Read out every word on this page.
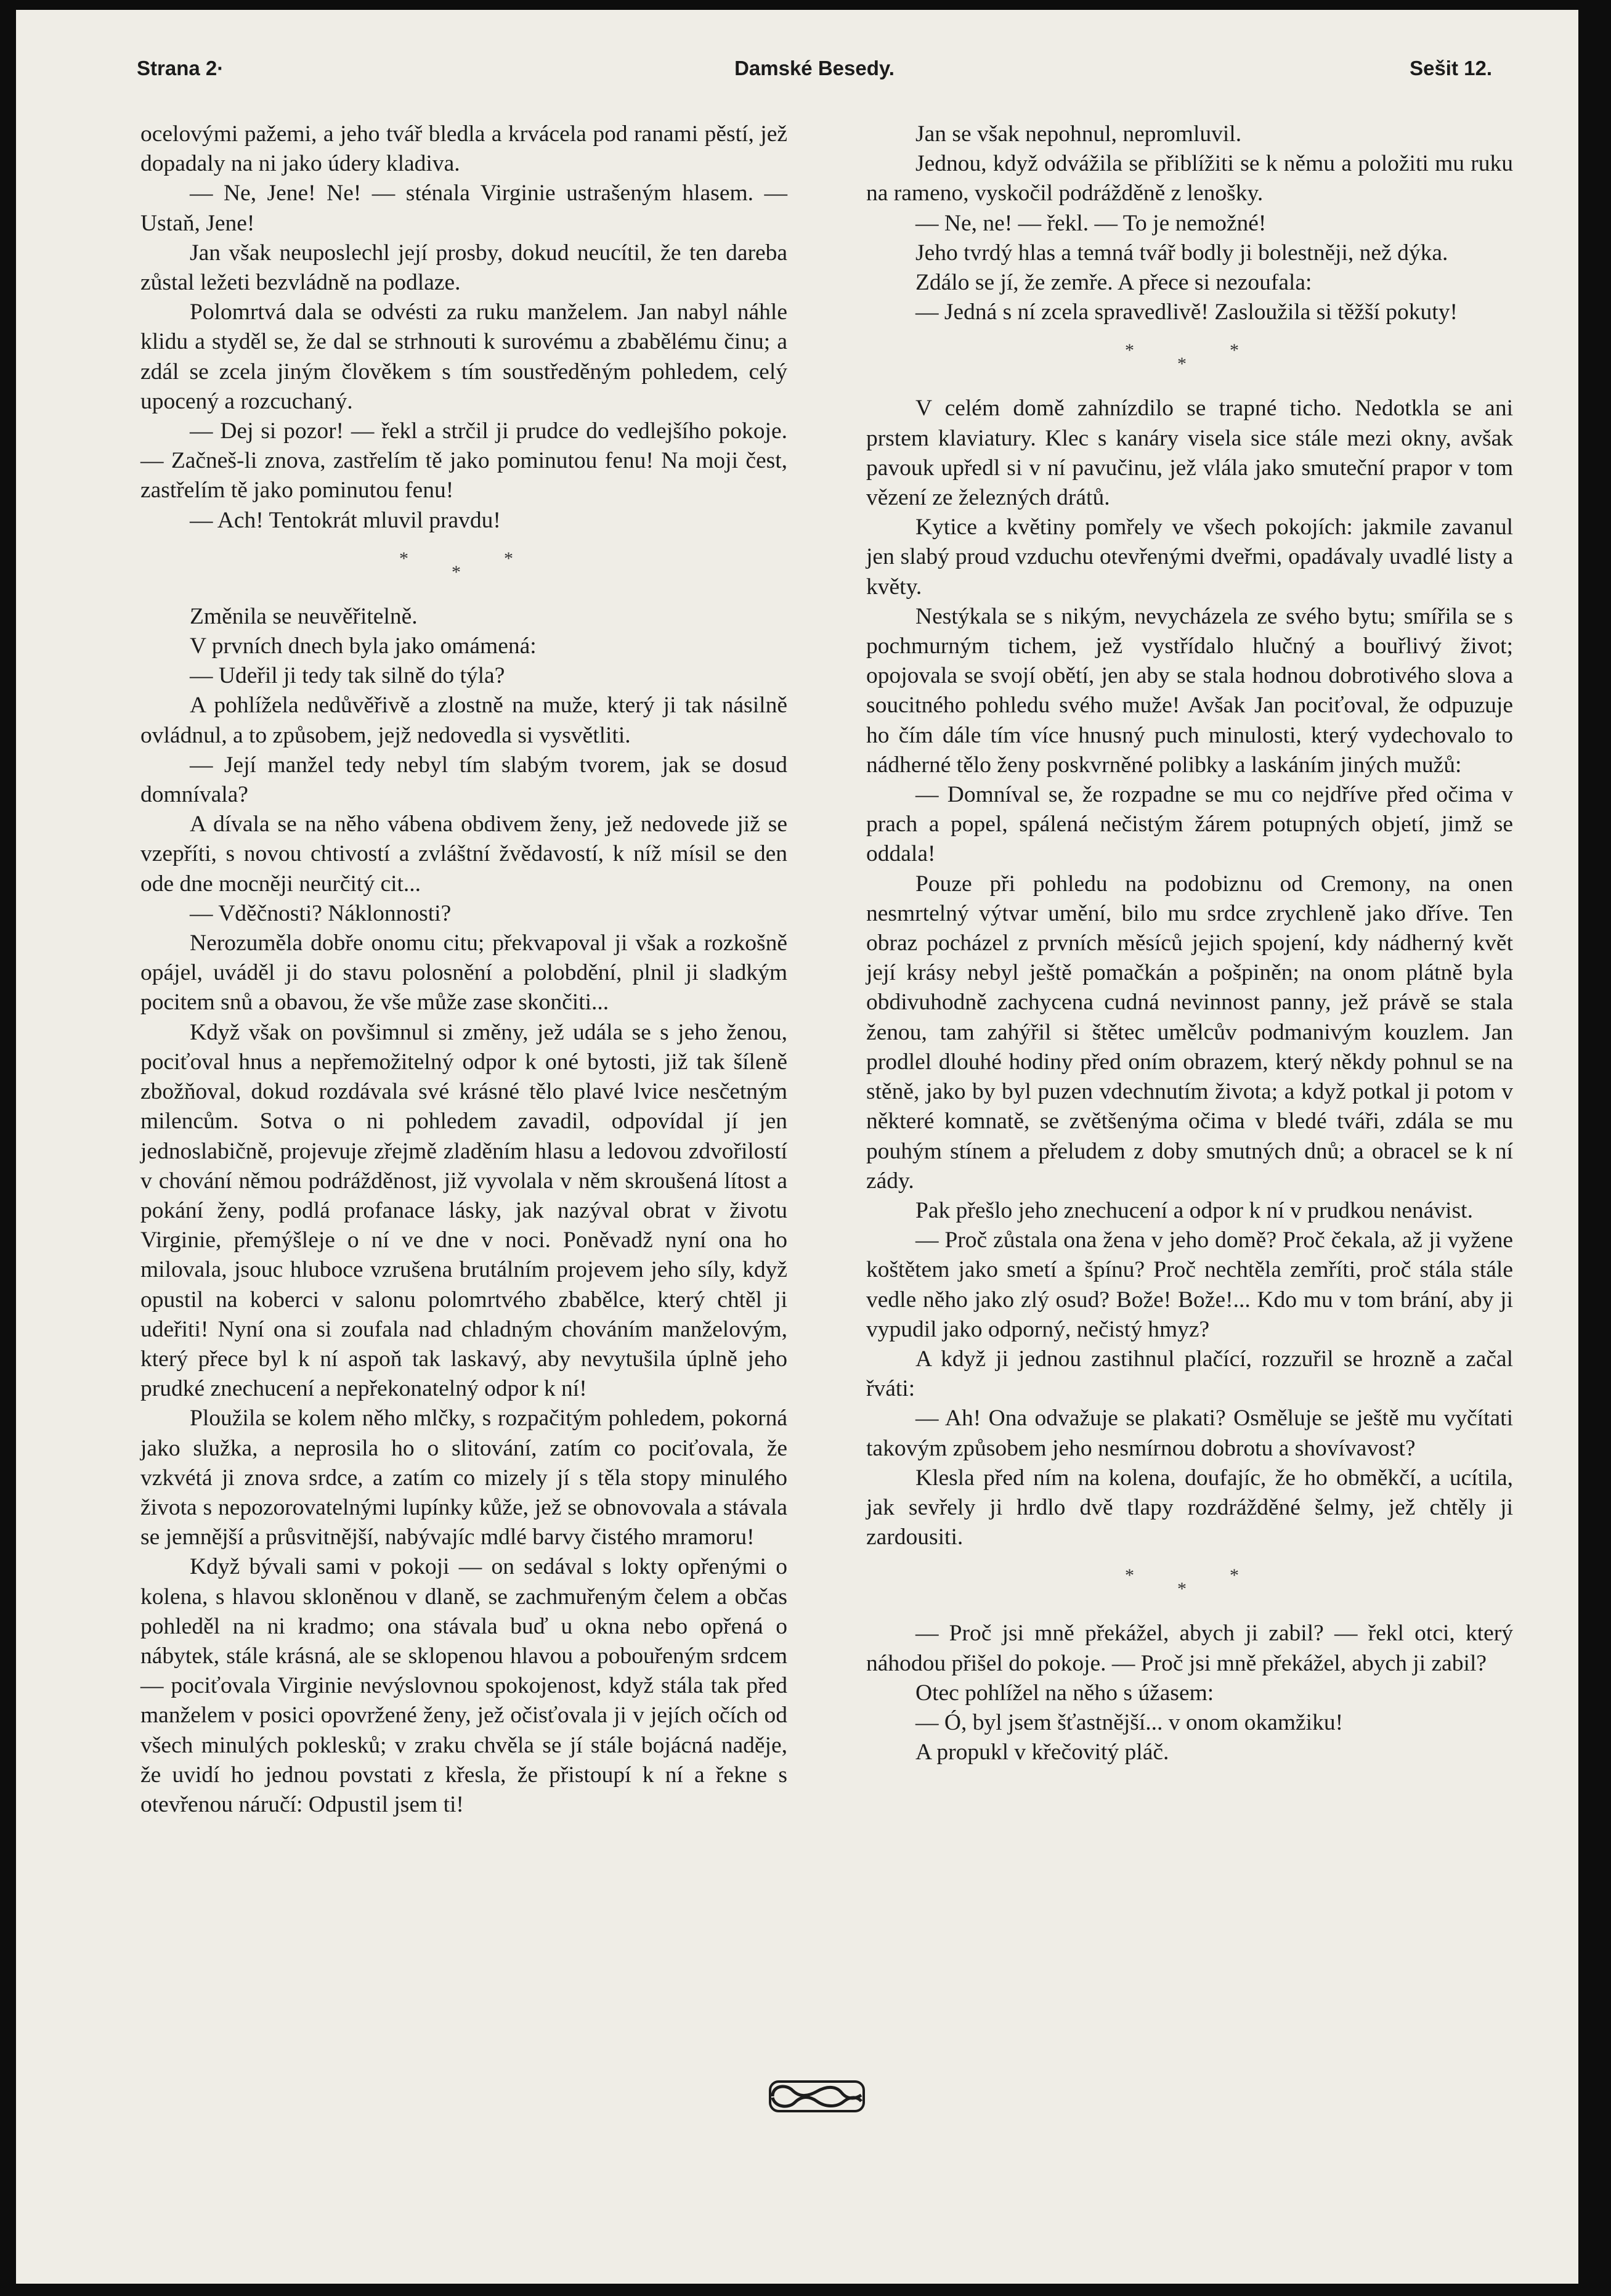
Strana 2·	Damské Besedy.	Sešit 12.

ocelovými pažemi, a jeho tvář bledla a krvácela pod ranami pěstí, jež dopadaly na ni jako údery kladiva.

— Ne, Jene! Ne! — sténala Virginie ustrašeným hlasem. — Ustaň, Jene!

Jan však neuposlechl její prosby, dokud neucítil, že ten dareba zůstal ležeti bezvládně na podlaze.

Polomrtvá dala se odvésti za ruku manželem. Jan nabyl náhle klidu a styděl se, že dal se strhnouti k surovému a zbabělému činu; a zdál se zcela jiným člověkem s tím soustředěným pohledem, celý upocený a rozcuchaný.

— Dej si pozor! — řekl a strčil ji prudce do vedlejšího pokoje. — Začneš-li znova, zastřelím tě jako pominutou fenu! Na moji čest, zastřelím tě jako pominutou fenu!

— Ach! Tentokrát mluvil pravdu!

*
*
*

Změnila se neuvěřitelně.

V prvních dnech byla jako omámená:

— Udeřil ji tedy tak silně do týla?

A pohlížela nedůvěřivě a zlostně na muže, který ji tak násilně ovládnul, a to způsobem, jejž nedovedla si vysvětliti.

— Její manžel tedy nebyl tím slabým tvorem, jak se dosud domnívala?

A dívala se na něho vábena obdivem ženy, jež nedovede již se vzepříti, s novou chtivostí a zvláštní žvědavostí, k níž mísil se den ode dne mocněji neurčitý cit...

— Vděčnosti? Náklonnosti?

Nerozuměla dobře onomu citu; překvapoval ji však a rozkošně opájel, uváděl ji do stavu polosnění a polobdění, plnil ji sladkým pocitem snů a obavou, že vše může zase skončiti...

Když však on povšimnul si změny, jež udála se s jeho ženou, pociťoval hnus a nepřemožitelný odpor k oné bytosti, již tak šíleně zbožňoval, dokud rozdávala své krásné tělo plavé lvice nesčetným milencům. Sotva o ni pohledem zavadil, odpovídal jí jen jednoslabičně, projevuje zřejmě zladěním hlasu a ledovou zdvořilostí v chování němou podrážděnost, již vyvolala v něm skroušená lítost a pokání ženy, podlá profanace lásky, jak nazýval obrat v životu Virginie, přemýšleje o ní ve dne v noci. Poněvadž nyní ona ho milovala, jsouc hluboce vzrušena brutálním projevem jeho síly, když opustil na koberci v salonu polomrtvého zbabělce, který chtěl ji udeřiti! Nyní ona si zoufala nad chladným chováním manželovým, který přece byl k ní aspoň tak laskavý, aby nevytušila úplně jeho prudké znechucení a nepřekonatelný odpor k ní!

Ploužila se kolem něho mlčky, s rozpačitým pohledem, pokorná jako služka, a neprosila ho o slitování, zatím co pociťovala, že vzkvétá ji znova srdce, a zatím co mizely jí s těla stopy minulého života s nepozorovatelnými lupínky kůže, jež se obnovovala a stávala se jemnější a průsvitnější, nabývajíc mdlé barvy čistého mramoru!

Když bývali sami v pokoji — on sedával s lokty opřenými o kolena, s hlavou skloněnou v dlaně, se zachmuřeným čelem a občas pohleděl na ni kradmo; ona stávala buď u okna nebo opřená o nábytek, stále krásná, ale se sklopenou hlavou a pobouřeným srdcem — pociťovala Virginie nevýslovnou spokojenost, když stála tak před manželem v posici opovržené ženy, jež očisťovala ji v jejích očích od všech minulých poklesků; v zraku chvěla se jí stále bojácná naděje, že uvidí ho jednou povstati z křesla, že přistoupí k ní a řekne s otevřenou náručí: Odpustil jsem ti!

Jan se však nepohnul, nepromluvil.

Jednou, když odvážila se přiblížiti se k němu a položiti mu ruku na rameno, vyskočil podrážděně z lenošky.

— Ne, ne! — řekl. — To je nemožné!

Jeho tvrdý hlas a temná tvář bodly ji bolestněji, než dýka.

Zdálo se jí, že zemře. A přece si nezoufala:

— Jedná s ní zcela spravedlivě! Zasloužila si těžší pokuty!

*
*
*

V celém domě zahnízdilo se trapné ticho. Nedotkla se ani prstem klaviatury. Klec s kanáry visela sice stále mezi okny, avšak pavouk upředl si v ní pavučinu, jež vlála jako smuteční prapor v tom vězení ze železných drátů.

Kytice a květiny pomřely ve všech pokojích: jakmile zavanul jen slabý proud vzduchu otevřenými dveřmi, opadávaly uvadlé listy a květy.

Nestýkala se s nikým, nevycházela ze svého bytu; smířila se s pochmurným tichem, jež vystřídalo hlučný a bouřlivý život; opojovala se svojí obětí, jen aby se stala hodnou dobrotivého slova a soucitného pohledu svého muže! Avšak Jan pociťoval, že odpuzuje ho čím dále tím více hnusný puch minulosti, který vydechovalo to nádherné tělo ženy poskvrněné polibky a laskáním jiných mužů:

— Domníval se, že rozpadne se mu co nejdříve před očima v prach a popel, spálená nečistým žárem potupných objetí, jimž se oddala!

Pouze při pohledu na podobiznu od Cremony, na onen nesmrtelný výtvar umění, bilo mu srdce zrychleně jako dříve. Ten obraz pocházel z prvních měsíců jejich spojení, kdy nádherný květ její krásy nebyl ještě pomačkán a pošpiněn; na onom plátně byla obdivuhodně zachycena cudná nevinnost panny, jež právě se stala ženou, tam zahýřil si štětec umělcův podmanivým kouzlem. Jan prodlel dlouhé hodiny před oním obrazem, který někdy pohnul se na stěně, jako by byl puzen vdechnutím života; a když potkal ji potom v některé komnatě, se zvětšenýma očima v bledé tváři, zdála se mu pouhým stínem a přeludem z doby smutných dnů; a obracel se k ní zády.

Pak přešlo jeho znechucení a odpor k ní v prudkou nenávist.

— Proč zůstala ona žena v jeho domě? Proč čekala, až ji vyžene koštětem jako smetí a špínu? Proč nechtěla zemříti, proč stála stále vedle něho jako zlý osud? Bože! Bože!... Kdo mu v tom brání, aby ji vypudil jako odporný, nečistý hmyz?

A když ji jednou zastihnul plačící, rozzuřil se hrozně a začal řváti:

— Ah! Ona odvažuje se plakati? Osměluje se ještě mu vyčítati takovým způsobem jeho nesmírnou dobrotu a shovívavost?

Klesla před ním na kolena, doufajíc, že ho obměkčí, a ucítila, jak sevřely ji hrdlo dvě tlapy rozdrážděné šelmy, jež chtěly ji zardousiti.

*
*
*

— Proč jsi mně překážel, abych ji zabil? — řekl otci, který náhodou přišel do pokoje. — Proč jsi mně překážel, abych ji zabil?

Otec pohlížel na něho s úžasem:

— Ó, byl jsem šťastnější... v onom okamžiku!

A propukl v křečovitý pláč.
